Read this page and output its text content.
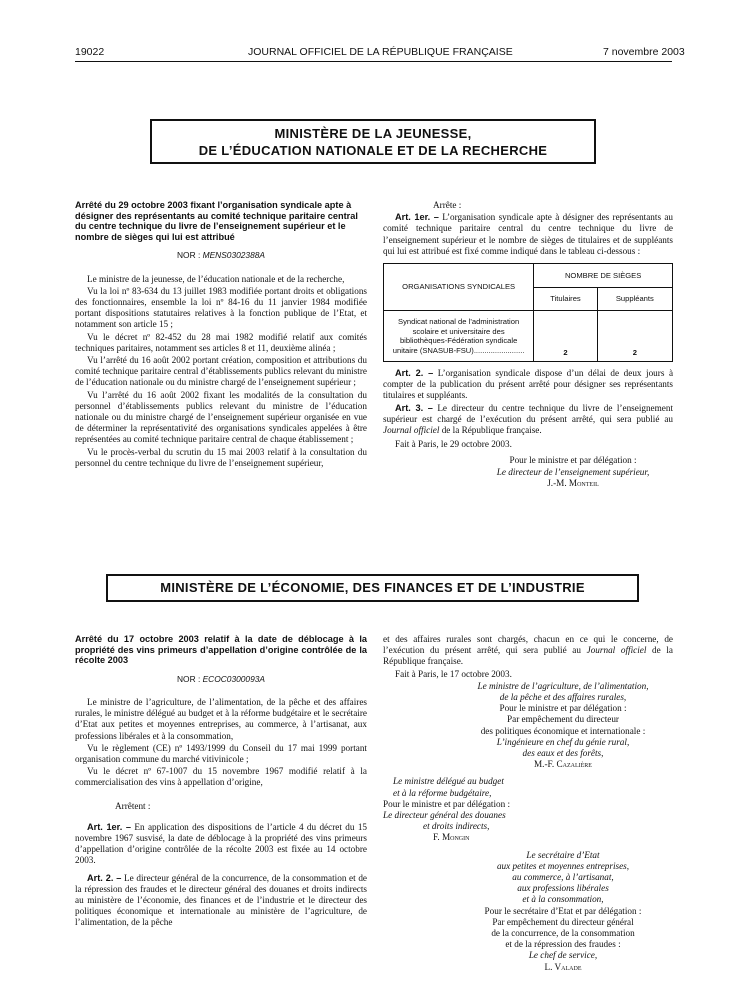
19022	JOURNAL OFFICIEL DE LA RÉPUBLIQUE FRANÇAISE	7 novembre 2003
MINISTÈRE DE LA JEUNESSE,
DE L’ÉDUCATION NATIONALE ET DE LA RECHERCHE

Arrêté du 29 octobre 2003 fixant l’organisation syndicale apte à désigner des représentants au comité technique paritaire central du centre technique du livre de l’enseignement supérieur et le nombre de sièges qui lui est attribué

NOR : MENS0302388A

Le ministre de la jeunesse, de l’éducation nationale et de la recherche,

Vu la loi nº 83-634 du 13 juillet 1983 modifiée portant droits et obligations des fonctionnaires, ensemble la loi nº 84-16 du 11 janvier 1984 modifiée portant dispositions statutaires relatives à la fonction publique de l’Etat, et notamment son article 15 ;

Vu le décret nº 82-452 du 28 mai 1982 modifié relatif aux comités techniques paritaires, notamment ses articles 8 et 11, deuxième alinéa ;

Vu l’arrêté du 16 août 2002 portant création, composition et attributions du comité technique paritaire central d’établissements publics relevant du ministre de l’éducation nationale ou du ministre chargé de l’enseignement supérieur ;

Vu l’arrêté du 16 août 2002 fixant les modalités de la consultation du personnel d’établissements publics relevant du ministre de l’éducation nationale ou du ministre chargé de l’enseignement supérieur organisée en vue de déterminer la représentativité des organisations syndicales appelées à être représentées au comité technique paritaire central de chaque établissement ;

Vu le procès-verbal du scrutin du 15 mai 2003 relatif à la consultation du personnel du centre technique du livre de l’enseignement supérieur,

Arrête :

Art. 1er. – L’organisation syndicale apte à désigner des représentants au comité technique paritaire central du centre technique du livre de l’enseignement supérieur et le nombre de sièges de titulaires et de suppléants qui lui est attribué est fixé comme indiqué dans le tableau ci-dessous :

ORGANISATIONS SYNDICALES	NOMBRE DE SIÈGES	
	Titulaires	Suppléants
Syndicat national de l’administration scolaire et universitaire des bibliothèques-Fédération syndicale unitaire (SNASUB-FSU)........................	2	2

Art. 2. – L’organisation syndicale dispose d’un délai de deux jours à compter de la publication du présent arrêté pour désigner ses représentants titulaires et suppléants.

Art. 3. – Le directeur du centre technique du livre de l’enseignement supérieur est chargé de l’exécution du présent arrêté, qui sera publié au Journal officiel de la République française.

Fait à Paris, le 29 octobre 2003.

Pour le ministre et par délégation :
Le directeur de l’enseignement supérieur,
J.-M. Monteil
MINISTÈRE DE L’ÉCONOMIE, DES FINANCES ET DE L’INDUSTRIE

Arrêté du 17 octobre 2003 relatif à la date de déblocage à la propriété des vins primeurs d’appellation d’origine contrôlée de la récolte 2003

NOR : ECOC0300093A

Le ministre de l’agriculture, de l’alimentation, de la pêche et des affaires rurales, le ministre délégué au budget et à la réforme budgétaire et le secrétaire d’Etat aux petites et moyennes entreprises, au commerce, à l’artisanat, aux professions libérales et à la consommation,

Vu le règlement (CE) nº 1493/1999 du Conseil du 17 mai 1999 portant organisation commune du marché vitivinicole ;

Vu le décret nº 67-1007 du 15 novembre 1967 modifié relatif à la commercialisation des vins à appellation d’origine,

Arrêtent :

Art. 1er. – En application des dispositions de l’article 4 du décret du 15 novembre 1967 susvisé, la date de déblocage à la propriété des vins primeurs d’appellation d’origine contrôlée de la récolte 2003 est fixée au 14 octobre 2003.

Art. 2. – Le directeur général de la concurrence, de la consommation et de la répression des fraudes et le directeur général des douanes et droits indirects au ministère de l’économie, des finances et de l’industrie et le directeur des politiques économique et internationale au ministère de l’agriculture, de l’alimentation, de la pêche

et des affaires rurales sont chargés, chacun en ce qui le concerne, de l’exécution du présent arrêté, qui sera publié au Journal officiel de la République française.

Fait à Paris, le 17 octobre 2003.

Le ministre de l’agriculture, de l’alimentation,
de la pêche et des affaires rurales,
Pour le ministre et par délégation :
Par empêchement du directeur
des politiques économique et internationale :
L’ingénieure en chef du génie rural,
des eaux et des forêts,
M.-F. Cazalière
Le ministre délégué au budget
et à la réforme budgétaire,
Pour le ministre et par délégation :
Le directeur général des douanes
et droits indirects,
F. Mongin
Le secrétaire d’Etat
aux petites et moyennes entreprises,
au commerce, à l’artisanat,
aux professions libérales
et à la consommation,
Pour le secrétaire d’Etat et par délégation :
Par empêchement du directeur général
de la concurrence, de la consommation
et de la répression des fraudes :
Le chef de service,
L. Valade
